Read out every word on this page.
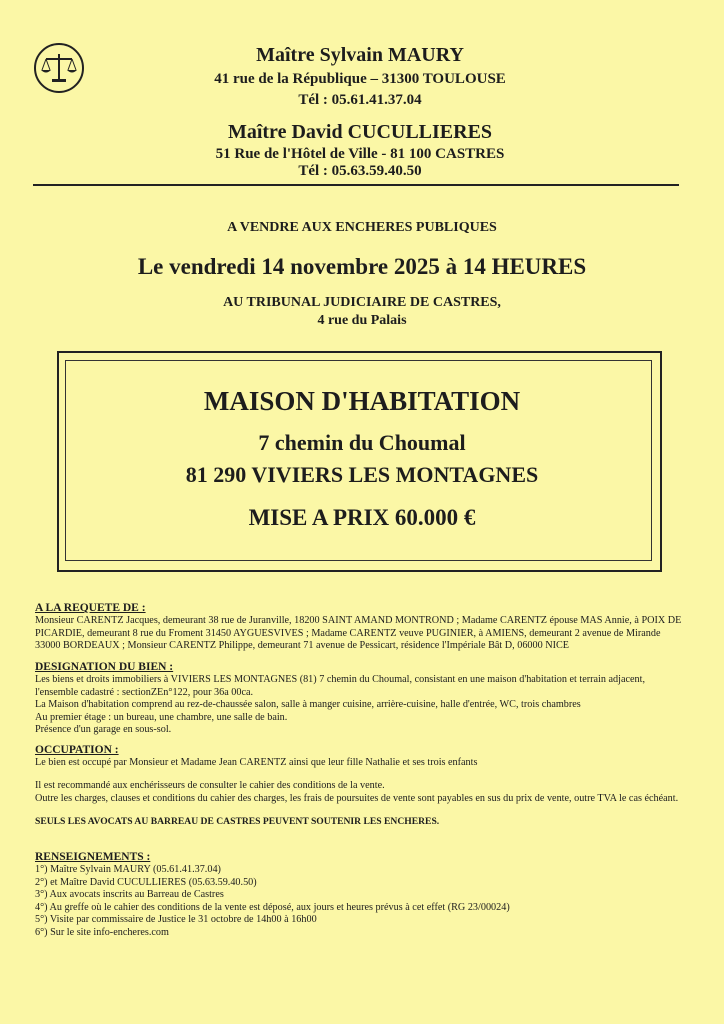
Maître Sylvain MAURY
41 rue de la République – 31300 TOULOUSE
Tél : 05.61.41.37.04
Maître David CUCULLIERES
51 Rue de l'Hôtel de Ville - 81 100 CASTRES
Tél : 05.63.59.40.50
A VENDRE AUX ENCHERES PUBLIQUES
Le vendredi 14 novembre 2025 à 14 HEURES
AU TRIBUNAL JUDICIAIRE DE CASTRES,
4 rue du Palais
MAISON D'HABITATION
7 chemin du Choumal
81 290 VIVIERS LES MONTAGNES
MISE A PRIX 60.000 €
A LA REQUETE DE :

Monsieur CARENTZ Jacques, demeurant 38 rue de Juranville, 18200 SAINT AMAND MONTROND ; Madame CARENTZ épouse MAS Annie, à POIX DE PICARDIE, demeurant 8 rue du Froment 31450 AYGUESVIVES ; Madame CARENTZ veuve PUGINIER, à AMIENS, demeurant 2 avenue de Mirande 33000 BORDEAUX ; Monsieur CARENTZ Philippe, demeurant 71 avenue de Pessicart, résidence l'Impériale Bât D, 06000 NICE

DESIGNATION DU BIEN :

Les biens et droits immobiliers à VIVIERS LES MONTAGNES (81) 7 chemin du Choumal, consistant en une maison d'habitation et terrain adjacent, l'ensemble cadastré : sectionZEn°122, pour 36a 00ca.

La Maison d'habitation comprend au rez-de-chaussée salon, salle à manger cuisine, arrière-cuisine, halle d'entrée, WC, trois chambres

Au premier étage : un bureau, une chambre, une salle de bain.

Présence d'un garage en sous-sol.

OCCUPATION :

Le bien est occupé par Monsieur et Madame Jean CARENTZ ainsi que leur fille Nathalie et ses trois enfants

Il est recommandé aux enchérisseurs de consulter le cahier des conditions de la vente.

Outre les charges, clauses et conditions du cahier des charges, les frais de poursuites de vente sont payables en sus du prix de vente, outre TVA le cas échéant.

SEULS LES AVOCATS AU BARREAU DE CASTRES PEUVENT SOUTENIR LES ENCHERES.

RENSEIGNEMENTS :

1°) Maître Sylvain MAURY (05.61.41.37.04)

2°) et Maître David CUCULLIERES (05.63.59.40.50)

3°) Aux avocats inscrits au Barreau de Castres

4°) Au greffe où le cahier des conditions de la vente est déposé, aux jours et heures prévus à cet effet (RG 23/00024)

5°) Visite par commissaire de Justice le 31 octobre de 14h00 à 16h00

6°) Sur le site info-encheres.com
